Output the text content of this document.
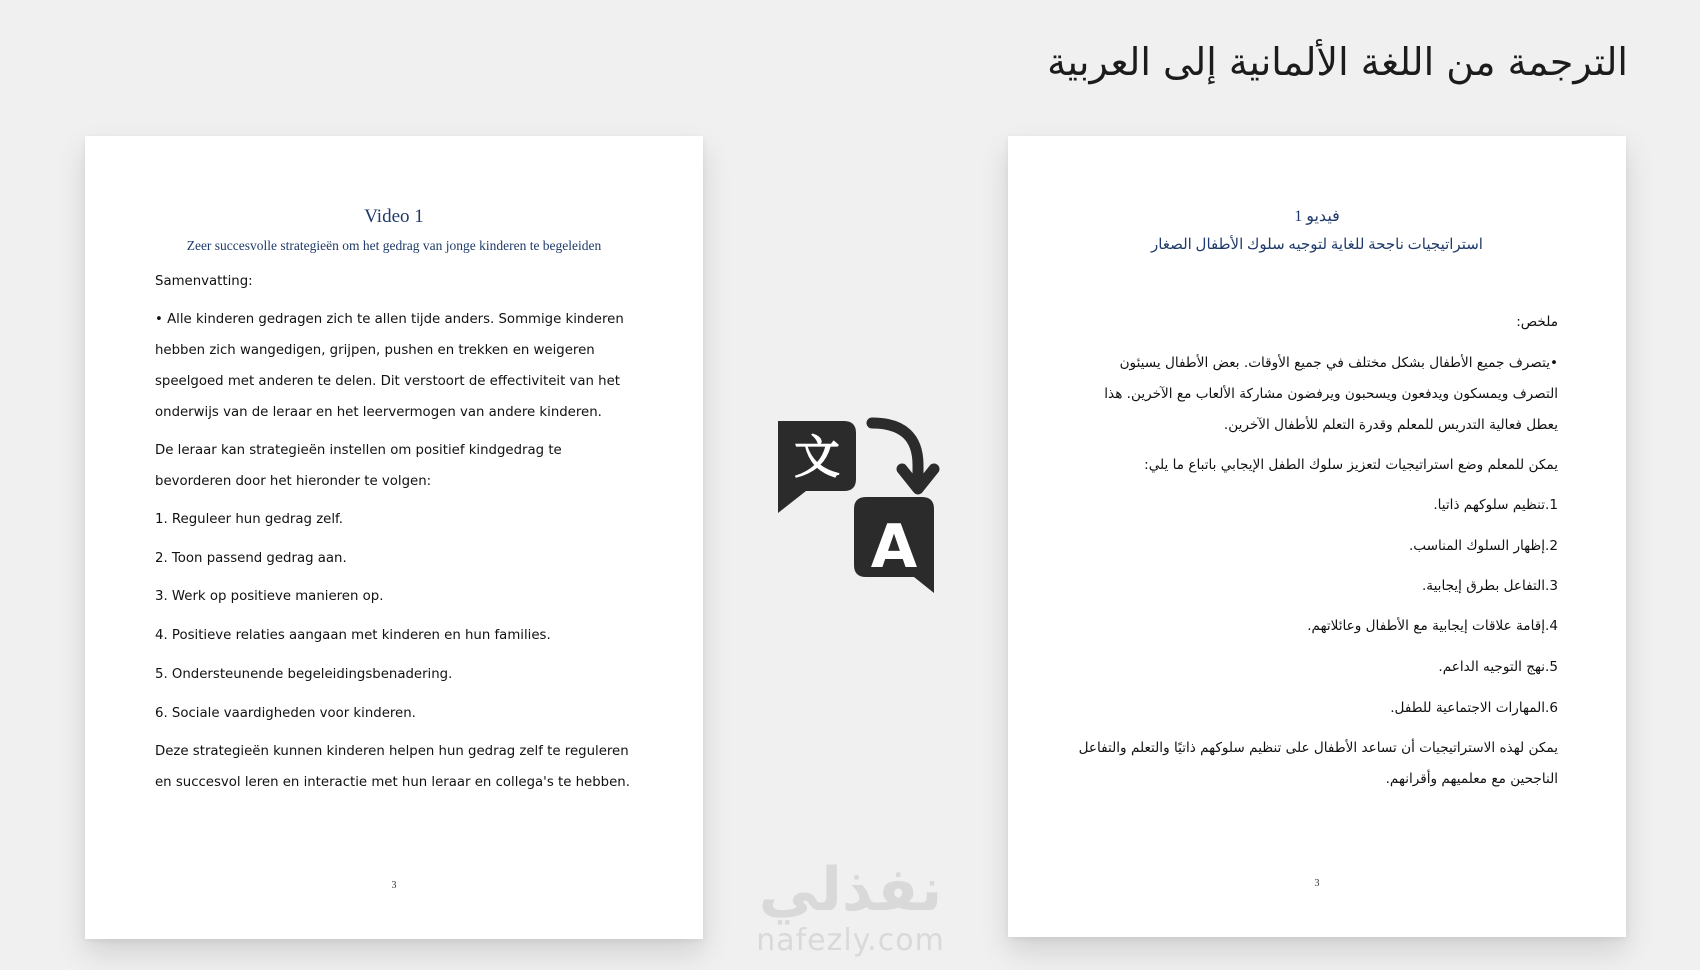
الترجمة من اللغة الألمانية إلى العربية
Video 1
Zeer succesvolle strategieën om het gedrag van jonge kinderen te begeleiden

Samenvatting:

• Alle kinderen gedragen zich te allen tijde anders. Sommige kinderen hebben zich wangedigen, grijpen, pushen en trekken en weigeren speelgoed met anderen te delen. Dit verstoort de effectiviteit van het onderwijs van de leraar en het leervermogen van andere kinderen.

De leraar kan strategieën instellen om positief kindgedrag te bevorderen door het hieronder te volgen:

1. Reguleer hun gedrag zelf.

2. Toon passend gedrag aan.

3. Werk op positieve manieren op.

4. Positieve relaties aangaan met kinderen en hun families.

5. Ondersteunende begeleidingsbenadering.

6. Sociale vaardigheden voor kinderen.

Deze strategieën kunnen kinderen helpen hun gedrag zelf te reguleren en succesvol leren en interactie met hun leraar en collega's te hebben.

3
文
A
نفذلي
nafezly.com
فيديو 1
استراتيجيات ناجحة للغاية لتوجيه سلوك الأطفال الصغار

ملخص:

•يتصرف جميع الأطفال بشكل مختلف في جميع الأوقات. بعض الأطفال يسيئون التصرف ويمسكون ويدفعون ويسحبون ويرفضون مشاركة الألعاب مع الآخرين. هذا يعطل فعالية التدريس للمعلم وقدرة التعلم للأطفال الآخرين.

يمكن للمعلم وضع استراتيجيات لتعزيز سلوك الطفل الإيجابي باتباع ما يلي:

1.تنظيم سلوكهم ذاتيا.

2.إظهار السلوك المناسب.

3.التفاعل بطرق إيجابية.

4.إقامة علاقات إيجابية مع الأطفال وعائلاتهم.

5.نهج التوجيه الداعم.

6.المهارات الاجتماعية للطفل.

يمكن لهذه الاستراتيجيات أن تساعد الأطفال على تنظيم سلوكهم ذاتيًا والتعلم والتفاعل الناجحين مع معلميهم وأقرانهم.

3
